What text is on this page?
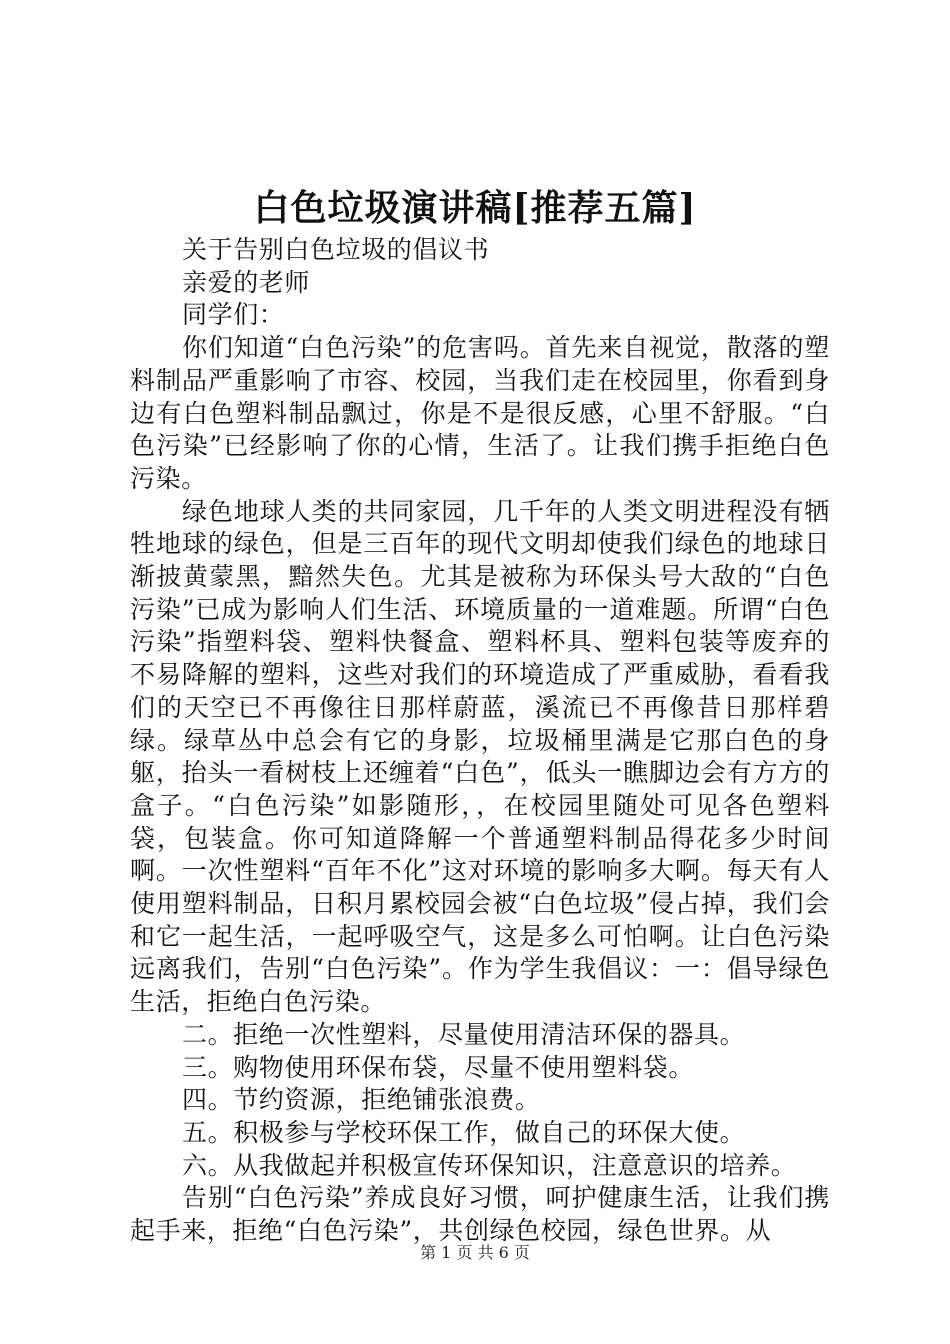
白色垃圾演讲稿[推荐五篇]

关于告别白色垃圾的倡议书

亲爱的老师

同学们：

你们知道“白色污染”的危害吗。首先来自视觉，散落的塑料制品严重影响了市容、校园，当我们走在校园里，你看到身边有白色塑料制品飘过，你是不是很反感，心里不舒服。“白色污染”已经影响了你的心情，生活了。让我们携手拒绝白色污染。

绿色地球人类的共同家园，几千年的人类文明进程没有牺牲地球的绿色，但是三百年的现代文明却使我们绿色的地球日渐披黄蒙黑，黯然失色。尤其是被称为环保头号大敌的“白色污染”已成为影响人们生活、环境质量的一道难题。所谓“白色污染”指塑料袋、塑料快餐盒、塑料杯具、塑料包装等废弃的不易降解的塑料，这些对我们的环境造成了严重威胁，看看我们的天空已不再像往日那样蔚蓝，溪流已不再像昔日那样碧绿。绿草丛中总会有它的身影，垃圾桶里满是它那白色的身躯，抬头一看树枝上还缠着“白色”，低头一瞧脚边会有方方的盒子。“白色污染”如影随形，，在校园里随处可见各色塑料袋，包装盒。你可知道降解一个普通塑料制品得花多少时间啊。一次性塑料“百年不化”这对环境的影响多大啊。每天有人使用塑料制品，日积月累校园会被“白色垃圾”侵占掉，我们会和它一起生活，一起呼吸空气，这是多么可怕啊。让白色污染远离我们，告别“白色污染”。作为学生我倡议：一：倡导绿色生活，拒绝白色污染。

二。拒绝一次性塑料，尽量使用清洁环保的器具。

三。购物使用环保布袋，尽量不使用塑料袋。

四。节约资源，拒绝铺张浪费。

五。积极参与学校环保工作，做自己的环保大使。

六。从我做起并积极宣传环保知识，注意意识的培养。

告别“白色污染”养成良好习惯，呵护健康生活，让我们携起手来，拒绝“白色污染”，共创绿色校园，绿色世界。从

第 1 页 共 6 页
